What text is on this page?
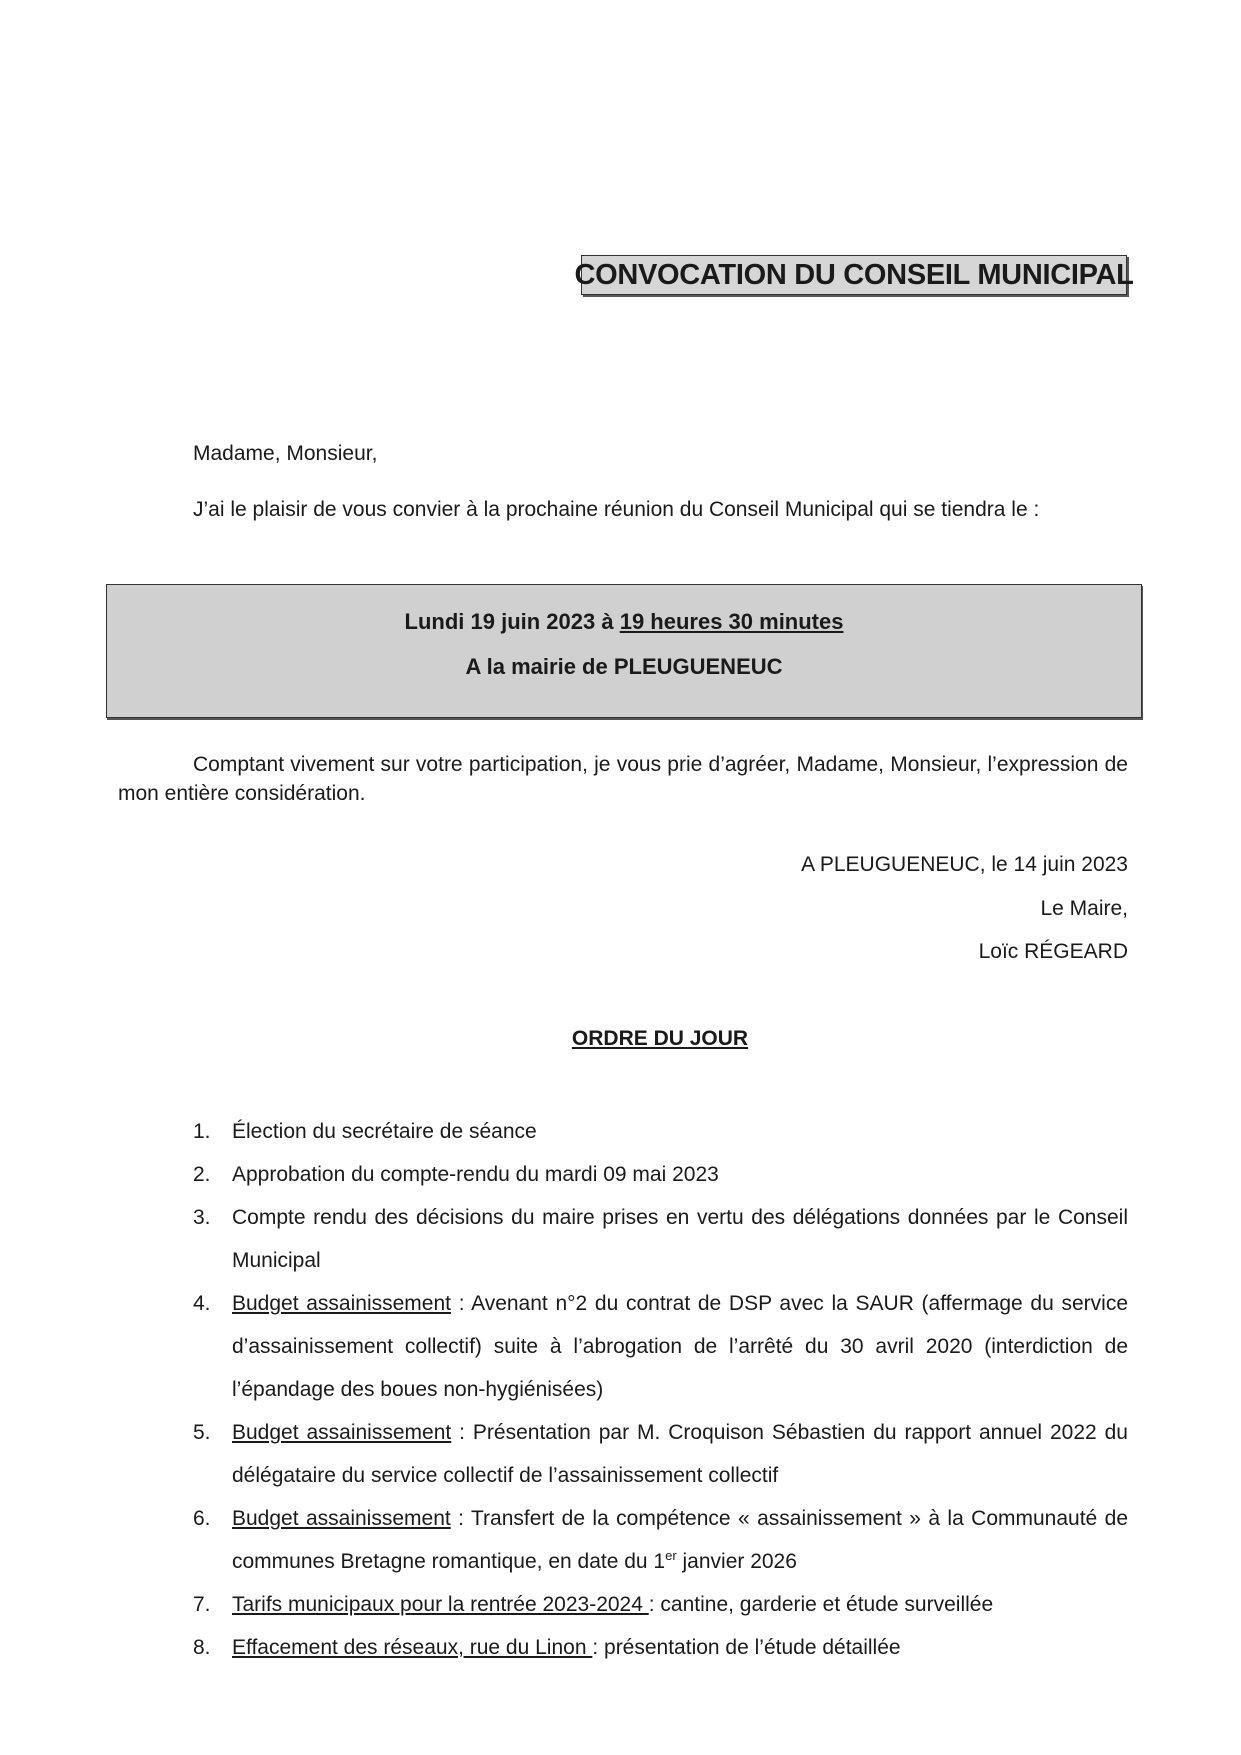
CONVOCATION DU CONSEIL MUNICIPAL
Madame, Monsieur,
J’ai le plaisir de vous convier à la prochaine réunion du Conseil Municipal qui se tiendra le :
Lundi 19 juin 2023 à 19 heures 30 minutes
A la mairie de PLEUGUENEUC
Comptant vivement sur votre participation, je vous prie d’agréer, Madame, Monsieur, l’expression de mon entière considération.
A PLEUGUENEUC, le 14 juin 2023
Le Maire,
Loïc RÉGEARD
ORDRE DU JOUR
1. Élection du secrétaire de séance
2. Approbation du compte-rendu du mardi 09 mai 2023
3. Compte rendu des décisions du maire prises en vertu des délégations données par le Conseil Municipal
4. Budget assainissement : Avenant n°2 du contrat de DSP avec la SAUR (affermage du service d’assainissement collectif) suite à l’abrogation de l’arrêté du 30 avril 2020 (interdiction de l’épandage des boues non-hygiénisées)
5. Budget assainissement : Présentation par M. Croquison Sébastien du rapport annuel 2022 du délégataire du service collectif de l’assainissement collectif
6. Budget assainissement : Transfert de la compétence « assainissement » à la Communauté de communes Bretagne romantique, en date du 1er janvier 2026
7. Tarifs municipaux pour la rentrée 2023-2024 : cantine, garderie et étude surveillée
8. Effacement des réseaux, rue du Linon : présentation de l’étude détaillée
